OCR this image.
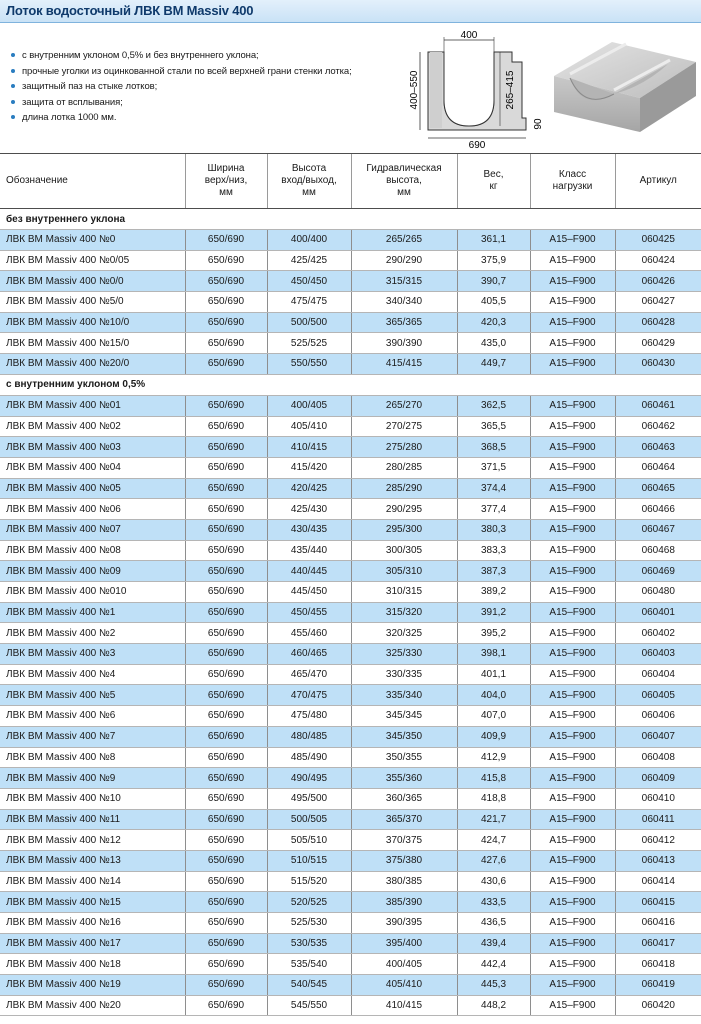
Лоток водосточный ЛВК ВМ Massiv 400
с внутренним уклоном 0,5% и без внутреннего уклона;
прочные уголки из оцинкованной стали по всей верхней грани стенки лотка;
защитный паз на стыке лотков;
защита от всплывания;
длина лотка 1000 мм.
400
400–550	265–415
90
690
Обозначение	Ширина
верх/низ,
мм	Высота
вход/выход,
мм	Гидравлическая
высота,
мм	Вес,
кг	Класс
нагрузки	Артикул
без внутреннего уклона						
ЛВК ВМ Massiv 400 №0	650/690	400/400	265/265	361,1	A15–F900	060425
ЛВК ВМ Massiv 400 №0/05	650/690	425/425	290/290	375,9	A15–F900	060424
ЛВК ВМ Massiv 400 №0/0	650/690	450/450	315/315	390,7	A15–F900	060426
ЛВК ВМ Massiv 400 №5/0	650/690	475/475	340/340	405,5	A15–F900	060427
ЛВК ВМ Massiv 400 №10/0	650/690	500/500	365/365	420,3	A15–F900	060428
ЛВК ВМ Massiv 400 №15/0	650/690	525/525	390/390	435,0	A15–F900	060429
ЛВК ВМ Massiv 400 №20/0	650/690	550/550	415/415	449,7	A15–F900	060430
с внутренним уклоном 0,5%						
ЛВК ВМ Massiv 400 №01	650/690	400/405	265/270	362,5	A15–F900	060461
ЛВК ВМ Massiv 400 №02	650/690	405/410	270/275	365,5	A15–F900	060462
ЛВК ВМ Massiv 400 №03	650/690	410/415	275/280	368,5	A15–F900	060463
ЛВК ВМ Massiv 400 №04	650/690	415/420	280/285	371,5	A15–F900	060464
ЛВК ВМ Massiv 400 №05	650/690	420/425	285/290	374,4	A15–F900	060465
ЛВК ВМ Massiv 400 №06	650/690	425/430	290/295	377,4	A15–F900	060466
ЛВК ВМ Massiv 400 №07	650/690	430/435	295/300	380,3	A15–F900	060467
ЛВК ВМ Massiv 400 №08	650/690	435/440	300/305	383,3	A15–F900	060468
ЛВК ВМ Massiv 400 №09	650/690	440/445	305/310	387,3	A15–F900	060469
ЛВК ВМ Massiv 400 №010	650/690	445/450	310/315	389,2	A15–F900	060480
ЛВК ВМ Massiv 400 №1	650/690	450/455	315/320	391,2	A15–F900	060401
ЛВК ВМ Massiv 400 №2	650/690	455/460	320/325	395,2	A15–F900	060402
ЛВК ВМ Massiv 400 №3	650/690	460/465	325/330	398,1	A15–F900	060403
ЛВК ВМ Massiv 400 №4	650/690	465/470	330/335	401,1	A15–F900	060404
ЛВК ВМ Massiv 400 №5	650/690	470/475	335/340	404,0	A15–F900	060405
ЛВК ВМ Massiv 400 №6	650/690	475/480	345/345	407,0	A15–F900	060406
ЛВК ВМ Massiv 400 №7	650/690	480/485	345/350	409,9	A15–F900	060407
ЛВК ВМ Massiv 400 №8	650/690	485/490	350/355	412,9	A15–F900	060408
ЛВК ВМ Massiv 400 №9	650/690	490/495	355/360	415,8	A15–F900	060409
ЛВК ВМ Massiv 400 №10	650/690	495/500	360/365	418,8	A15–F900	060410
ЛВК ВМ Massiv 400 №11	650/690	500/505	365/370	421,7	A15–F900	060411
ЛВК ВМ Massiv 400 №12	650/690	505/510	370/375	424,7	A15–F900	060412
ЛВК ВМ Massiv 400 №13	650/690	510/515	375/380	427,6	A15–F900	060413
ЛВК ВМ Massiv 400 №14	650/690	515/520	380/385	430,6	A15–F900	060414
ЛВК ВМ Massiv 400 №15	650/690	520/525	385/390	433,5	A15–F900	060415
ЛВК ВМ Massiv 400 №16	650/690	525/530	390/395	436,5	A15–F900	060416
ЛВК ВМ Massiv 400 №17	650/690	530/535	395/400	439,4	A15–F900	060417
ЛВК ВМ Massiv 400 №18	650/690	535/540	400/405	442,4	A15–F900	060418
ЛВК ВМ Massiv 400 №19	650/690	540/545	405/410	445,3	A15–F900	060419
ЛВК ВМ Massiv 400 №20	650/690	545/550	410/415	448,2	A15–F900	060420
